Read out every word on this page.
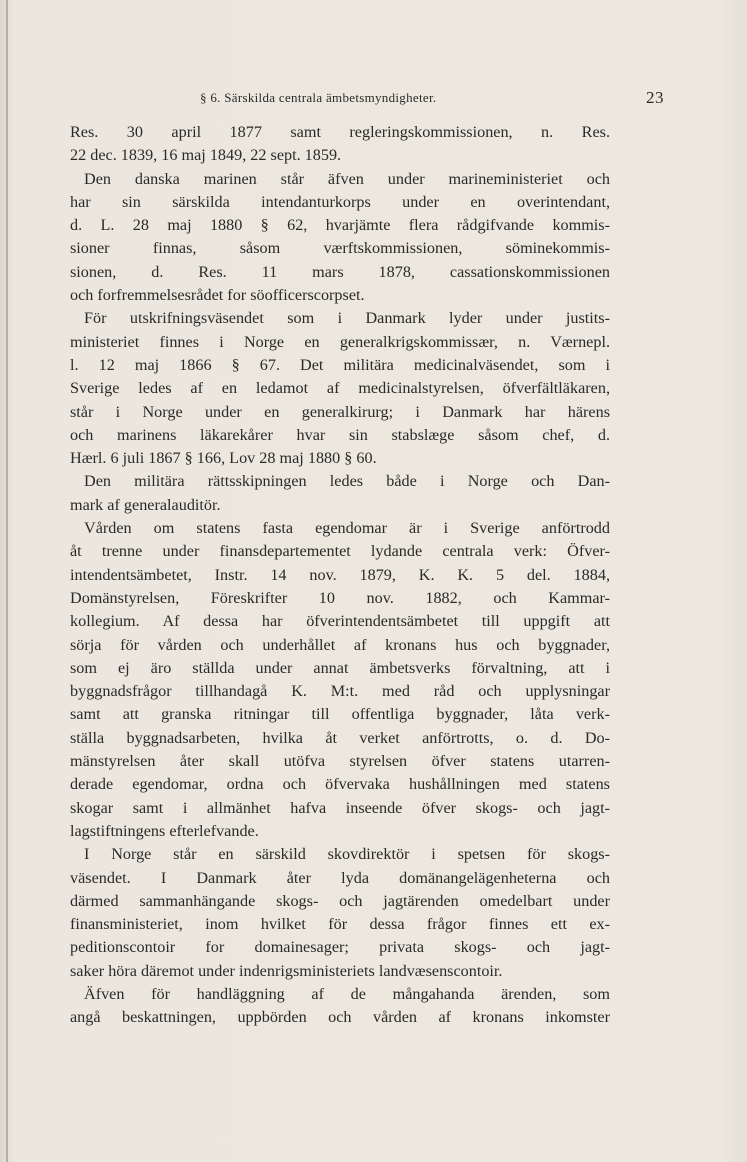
§ 6. Särskilda centrala ämbetsmyndigheter.	23
Res. 30 april 1877 samt regleringskommissionen, n. Res.
22 dec. 1839, 16 maj 1849, 22 sept. 1859.
Den danska marinen står äfven under marineministeriet och
har sin särskilda intendanturkorps under en overintendant,
d. L. 28 maj 1880 § 62, hvarjämte flera rådgifvande kommis-
sioner finnas, såsom værftskommissionen, söminekommis-
sionen, d. Res. 11 mars 1878, cassationskommissionen
och forfremmelsesrådet for söofficerscorpset.
För utskrifningsväsendet som i Danmark lyder under justits-
ministeriet finnes i Norge en generalkrigskommissær, n. Værnepl.
l. 12 maj 1866 § 67. Det militära medicinalväsendet, som i
Sverige ledes af en ledamot af medicinalstyrelsen, öfverfältläkaren,
står i Norge under en generalkirurg; i Danmark har härens
och marinens läkarekårer hvar sin stabslæge såsom chef, d.
Hærl. 6 juli 1867 § 166, Lov 28 maj 1880 § 60.
Den militära rättsskipningen ledes både i Norge och Dan-
mark af generalauditör.
Vården om statens fasta egendomar är i Sverige anförtrodd
åt trenne under finansdepartementet lydande centrala verk: Öfver-
intendentsämbetet, Instr. 14 nov. 1879, K. K. 5 del. 1884,
Domänstyrelsen, Föreskrifter 10 nov. 1882, och Kammar-
kollegium. Af dessa har öfverintendentsämbetet till uppgift att
sörja för vården och underhållet af kronans hus och byggnader,
som ej äro ställda under annat ämbetsverks förvaltning, att i
byggnadsfrågor tillhandagå K. M:t. med råd och upplysningar
samt att granska ritningar till offentliga byggnader, låta verk-
ställa byggnadsarbeten, hvilka åt verket anförtrotts, o. d. Do-
mänstyrelsen åter skall utöfva styrelsen öfver statens utarren-
derade egendomar, ordna och öfvervaka hushållningen med statens
skogar samt i allmänhet hafva inseende öfver skogs- och jagt-
lagstiftningens efterlefvande.
I Norge står en särskild skovdirektör i spetsen för skogs-
väsendet. I Danmark åter lyda domänangelägenheterna och
därmed sammanhängande skogs- och jagtärenden omedelbart under
finansministeriet, inom hvilket för dessa frågor finnes ett ex-
peditionscontoir for domainesager; privata skogs- och jagt-
saker höra däremot under indenrigsministeriets landvæsenscontoir.
Äfven för handläggning af de mångahanda ärenden, som
angå beskattningen, uppbörden och vården af kronans inkomster
